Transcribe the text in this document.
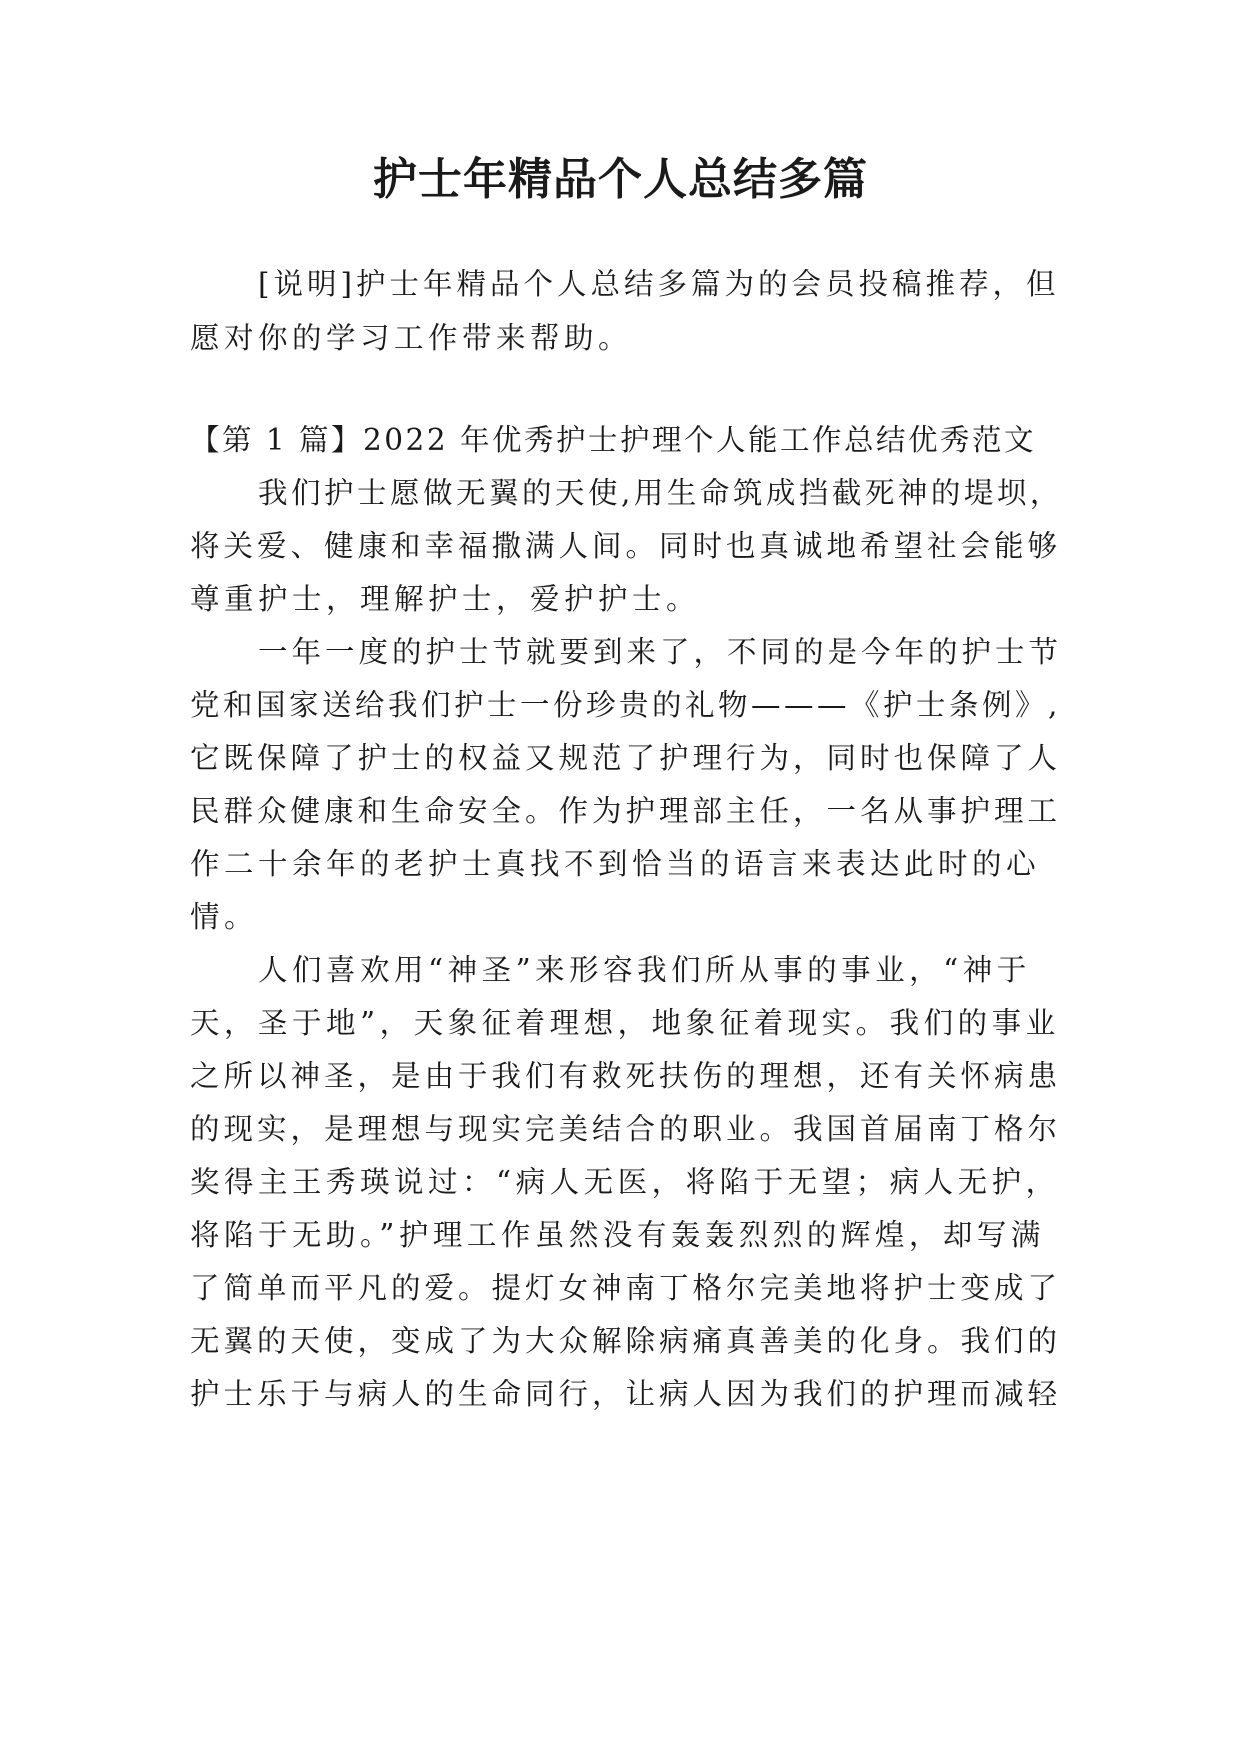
护士年精品个人总结多篇

[说明]护士年精品个人总结多篇为的会员投稿推荐，但

愿对你的学习工作带来帮助。

【第 1 篇】2022 年优秀护士护理个人能工作总结优秀范文

我们护士愿做无翼的天使,用生命筑成挡截死神的堤坝，

将关爱、健康和幸福撒满人间。同时也真诚地希望社会能够

尊重护士，理解护士，爱护护士。

一年一度的护士节就要到来了，不同的是今年的护士节

党和国家送给我们护士一份珍贵的礼物———《护士条例》,

它既保障了护士的权益又规范了护理行为，同时也保障了人

民群众健康和生命安全。作为护理部主任，一名从事护理工

作二十余年的老护士真找不到恰当的语言来表达此时的心

情。

人们喜欢用“神圣”来形容我们所从事的事业，“神于

天，圣于地”，天象征着理想，地象征着现实。我们的事业

之所以神圣，是由于我们有救死扶伤的理想，还有关怀病患

的现实，是理想与现实完美结合的职业。我国首届南丁格尔

奖得主王秀瑛说过：“病人无医，将陷于无望；病人无护，

将陷于无助。”护理工作虽然没有轰轰烈烈的辉煌，却写满

了简单而平凡的爱。提灯女神南丁格尔完美地将护士变成了

无翼的天使，变成了为大众解除病痛真善美的化身。我们的

护士乐于与病人的生命同行，让病人因为我们的护理而减轻
